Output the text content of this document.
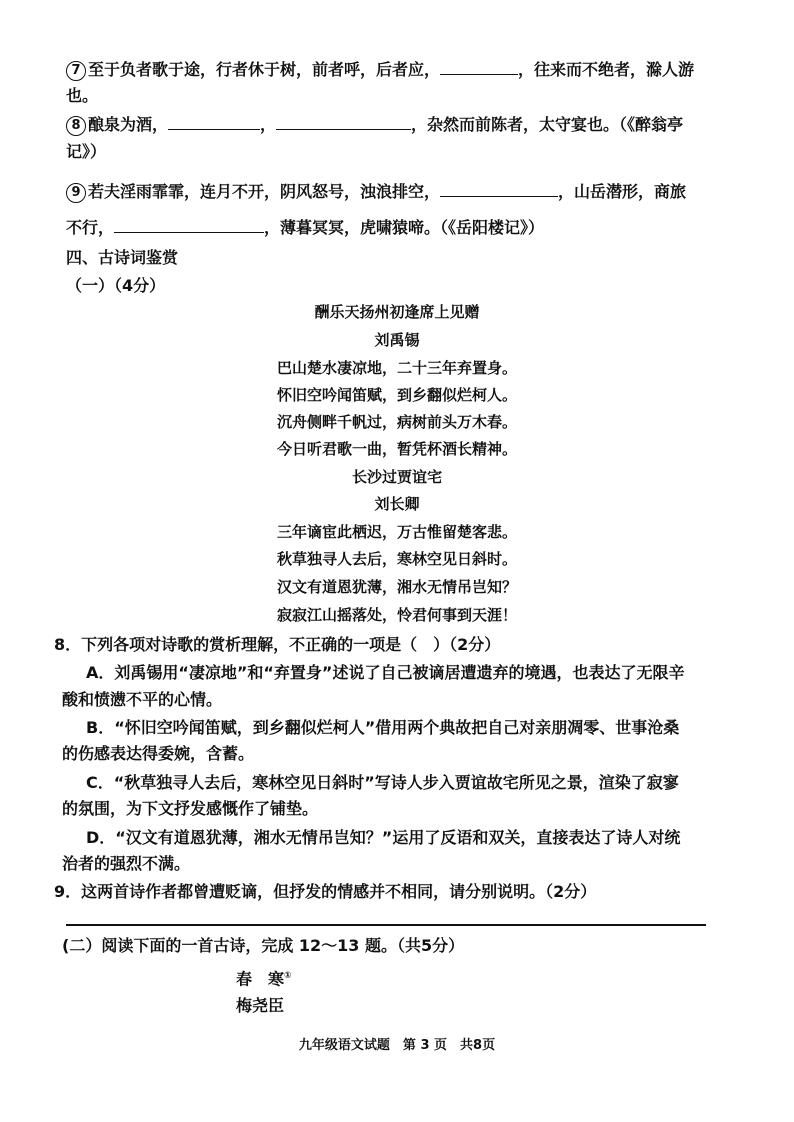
7 至于负者歌于途，行者休于树，前者呼，后者应，	，往来而不绝者，滁人游
也。
8 酿泉为酒，	，	，杂然而前陈者，太守宴也。（《醉翁亭
记》）
9 若夫淫雨霏霏，连月不开，阴风怒号，浊浪排空，	，山岳潜形，商旅
不行，	，薄暮冥冥，虎啸猿啼。（《岳阳楼记》）
四、古诗词鉴赏
（一）（4分）
酬乐天扬州初逢席上见赠
刘禹锡
巴山楚水凄凉地，二十三年弃置身。
怀旧空吟闻笛赋，到乡翻似烂柯人。
沉舟侧畔千帆过，病树前头万木春。
今日听君歌一曲，暂凭杯酒长精神。
长沙过贾谊宅
刘长卿
三年谪宦此栖迟，万古惟留楚客悲。
秋草独寻人去后，寒林空见日斜时。
汉文有道恩犹薄，湘水无情吊岂知？
寂寂江山摇落处，怜君何事到天涯！
8．下列各项对诗歌的赏析理解，不正确的一项是（　）（2分）
A．刘禹锡用“凄凉地”和“弃置身”述说了自己被谪居遭遗弃的境遇，也表达了无限辛
酸和愤懑不平的心情。
B．“怀旧空吟闻笛赋，到乡翻似烂柯人”借用两个典故把自己对亲朋凋零、世事沧桑
的伤感表达得委婉，含蓄。
C．“秋草独寻人去后，寒林空见日斜时”写诗人步入贾谊故宅所见之景，渲染了寂寥
的氛围，为下文抒发感慨作了铺垫。
D．“汉文有道恩犹薄，湘水无情吊岂知？”运用了反语和双关，直接表达了诗人对统
治者的强烈不满。
9．这两首诗作者都曾遭贬谪，但抒发的情感并不相同，请分别说明。（2分）
(二）阅读下面的一首古诗，完成 12～13 题。（共5分）
春　寒①
梅尧臣
九年级语文试题　第 3 页　共8页
